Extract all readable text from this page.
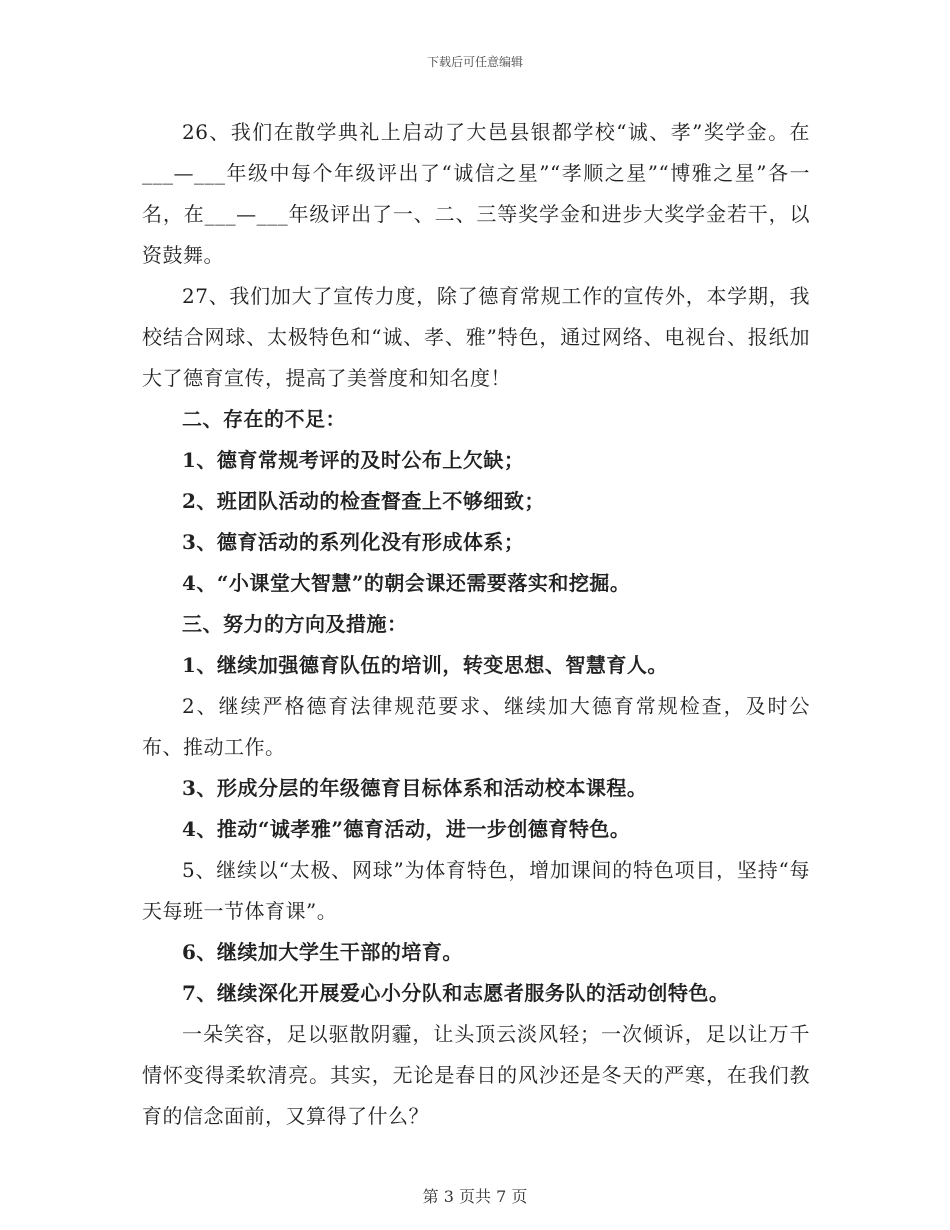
下载后可任意编辑

26、我们在散学典礼上启动了大邑县银都学校“诚、孝”奖学金。在___—___年级中每个年级评出了“诚信之星”“孝顺之星”“博雅之星”各一名，在___—___年级评出了一、二、三等奖学金和进步大奖学金若干，以资鼓舞。

27、我们加大了宣传力度，除了德育常规工作的宣传外，本学期，我校结合网球、太极特色和“诚、孝、雅”特色，通过网络、电视台、报纸加大了德育宣传，提高了美誉度和知名度！

二、存在的不足：

1、德育常规考评的及时公布上欠缺；

2、班团队活动的检查督查上不够细致；

3、德育活动的系列化没有形成体系；

4、“小课堂大智慧”的朝会课还需要落实和挖掘。

三、努力的方向及措施：

1、继续加强德育队伍的培训，转变思想、智慧育人。

2、继续严格德育法律规范要求、继续加大德育常规检查，及时公布、推动工作。

3、形成分层的年级德育目标体系和活动校本课程。

4、推动“诚孝雅”德育活动，进一步创德育特色。

5、继续以“太极、网球”为体育特色，增加课间的特色项目，坚持“每天每班一节体育课”。

6、继续加大学生干部的培育。

7、继续深化开展爱心小分队和志愿者服务队的活动创特色。

一朵笑容，足以驱散阴霾，让头顶云淡风轻；一次倾诉，足以让万千情怀变得柔软清亮。其实，无论是春日的风沙还是冬天的严寒，在我们教育的信念面前，又算得了什么？

第 3 页共 7 页
